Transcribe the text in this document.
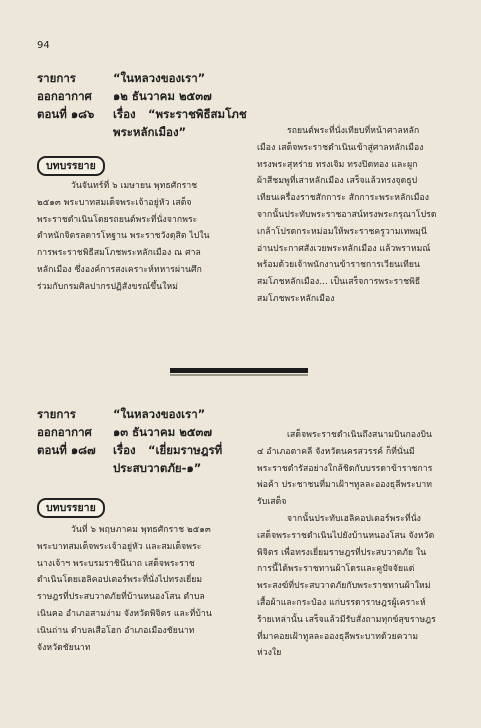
94
รายการ	“ในหลวงของเรา”
ออกอากาศ ๑๒ ธันวาคม ๒๕๓๗
ตอนที่ ๑๘๖ เรื่อง “พระราชพิธีสมโภช
พระหลักเมือง”
บทบรรยาย
วันจันทร์ที่ ๖ เมษายน พุทธศักราช
๒๕๑๓ พระบาทสมเด็จพระเจ้าอยู่หัว เสด็จ
พระราชดำเนินโดยรถยนต์พระที่นั่งจากพระ
ตำหนักจิตรลดารโหฐาน พระราชวังดุสิต ไปใน
การพระราชพิธีสมโภชพระหลักเมือง ณ ศาล
หลักเมือง ซึ่งองค์การสงเคราะห์ทหารผ่านศึก
ร่วมกับกรมศิลปากรปฏิสังขรณ์ขึ้นใหม่
รถยนต์พระที่นั่งเทียบที่หน้าศาลหลัก
เมือง เสด็จพระราชดำเนินเข้าสู่ศาลหลักเมือง
ทรงพระสุหร่าย ทรงเจิม ทรงปิดทอง และผูก
ผ้าสีชมพูที่เสาหลักเมือง เสร็จแล้วทรงจุดธูป
เทียนเครื่องราชสักการะ สักการะพระหลักเมือง
จากนั้นประทับพระราชอาสน์ทรงพระกรุณาโปรด
เกล้าโปรดกระหม่อมให้พระราชครูวามเทพมุนี
อ่านประกาศสังเวยพระหลักเมือง แล้วพราหมณ์
พร้อมด้วยเจ้าพนักงานข้าราชการเวียนเทียน
สมโภชหลักเมือง... เป็นเสร็จการพระราชพิธี
สมโภชพระหลักเมือง
รายการ	“ในหลวงของเรา”
ออกอากาศ ๑๓ ธันวาคม ๒๕๓๗
ตอนที่ ๑๘๗ เรื่อง “เยี่ยมราษฎรที่
ประสบวาตภัย-๑”
บทบรรยาย
วันที่ ๖ พฤษภาคม พุทธศักราช ๒๕๑๓
พระบาทสมเด็จพระเจ้าอยู่หัว และสมเด็จพระ
นางเจ้าฯ พระบรมราชินีนาถ เสด็จพระราช
ดำเนินโดยเฮลิคอปเตอร์พระที่นั่งไปทรงเยี่ยม
ราษฎรที่ประสบวาตภัยที่บ้านหนองโสน ตำบล
เนินฅอ อำเภอสามง่าม จังหวัดพิจิตร และที่บ้าน
เนินถ่าน ตำบลเสือโฮก อำเภอเมืองชัยนาท
จังหวัดชัยนาท
เสด็จพระราชดำเนินถึงสนามบินกองบิน
๔ อำเภอตาคลี จังหวัดนครสวรรค์ ก็ที่นั่นมี
พระราชดำรัสอย่างใกล้ชิดกับบรรดาข้าราชการ
พ่อค้า ประชาชนที่มาเฝ้าฯทูลละอองธุลีพระบาท
รับเสด็จ
จากนั้นประทับเฮลิคอปเตอร์พระที่นั่ง
เสด็จพระราชดำเนินไปยังบ้านหนองโสน จังหวัด
พิจิตร เพื่อทรงเยี่ยมราษฎรที่ประสบวาตภัย ใน
การนี้ได้พระราชทานผ้าโดรและคูปัจจัยแด่
พระสงฆ์ที่ประสบวาตภัยกับพระราชทานผ้าใหม่
เสื้อผ้าและกระป๋อง แก่บรรดาราษฎรผู้เคราะห์
ร้ายเหล่านั้น เสร็จแล้วมีรับสั่งถามทุกข์สุขราษฎร
ที่มาคอยเฝ้าทูลละอองธุลีพระบาทด้วยความ
ห่วงใย
